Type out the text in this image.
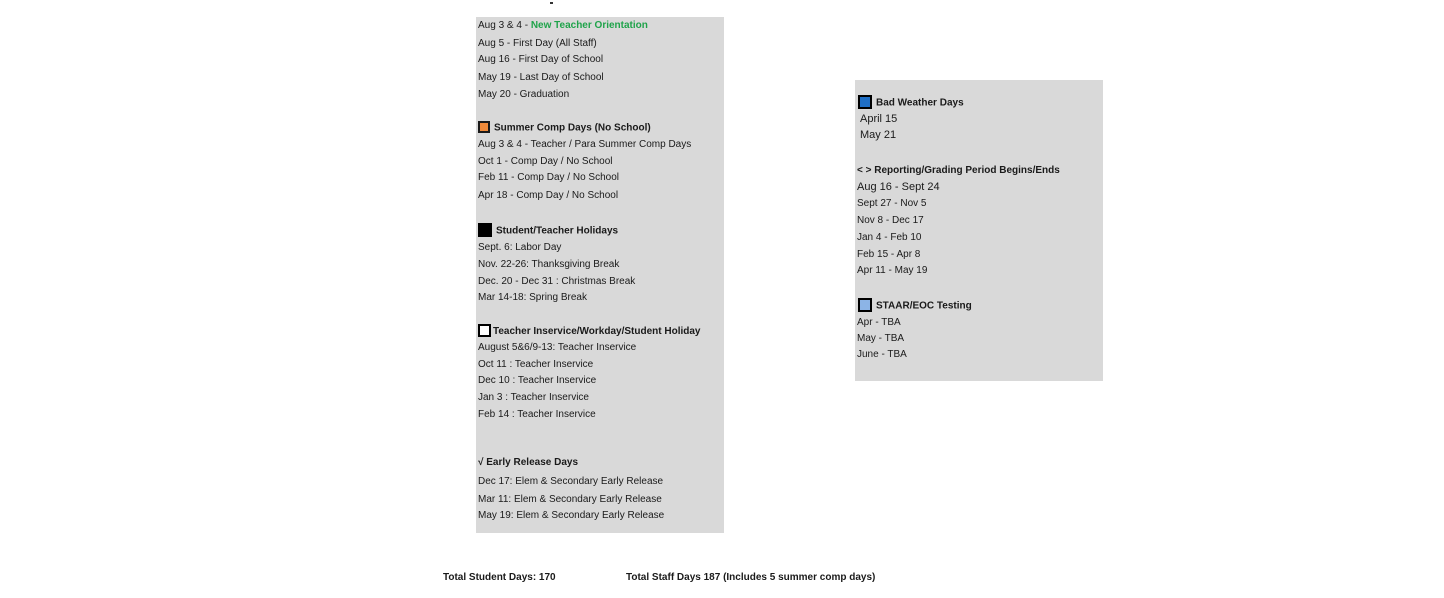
Aug 3 & 4 - New Teacher Orientation
Aug 5 - First Day (All Staff)
Aug 16 - First Day of School
May 19 - Last Day of School
May 20 - Graduation
Summer Comp Days (No School)
Aug 3 & 4 - Teacher / Para Summer Comp Days
Oct 1 - Comp Day / No School
Feb 11 - Comp Day / No School
Apr 18 - Comp Day / No School
Student/Teacher Holidays
Sept. 6: Labor Day
Nov. 22-26: Thanksgiving Break
Dec. 20 - Dec 31 : Christmas Break
Mar 14-18: Spring Break
Teacher Inservice/Workday/Student Holiday
August 5&6/9-13: Teacher Inservice
Oct 11 : Teacher Inservice
Dec 10 : Teacher Inservice
Jan 3 : Teacher Inservice
Feb 14 : Teacher Inservice
√ Early Release Days
Dec 17: Elem & Secondary Early Release
Mar 11: Elem & Secondary Early Release
May 19: Elem & Secondary Early Release
Bad Weather Days
April 15
May 21
< > Reporting/Grading Period Begins/Ends
Aug 16 - Sept 24
Sept 27 - Nov 5
Nov 8 - Dec 17
Jan 4 - Feb 10
Feb 15 - Apr 8
Apr 11 - May 19
STAAR/EOC Testing
Apr - TBA
May - TBA
June - TBA
Total Student Days: 170	Total Staff Days 187 (Includes 5 summer comp days)
